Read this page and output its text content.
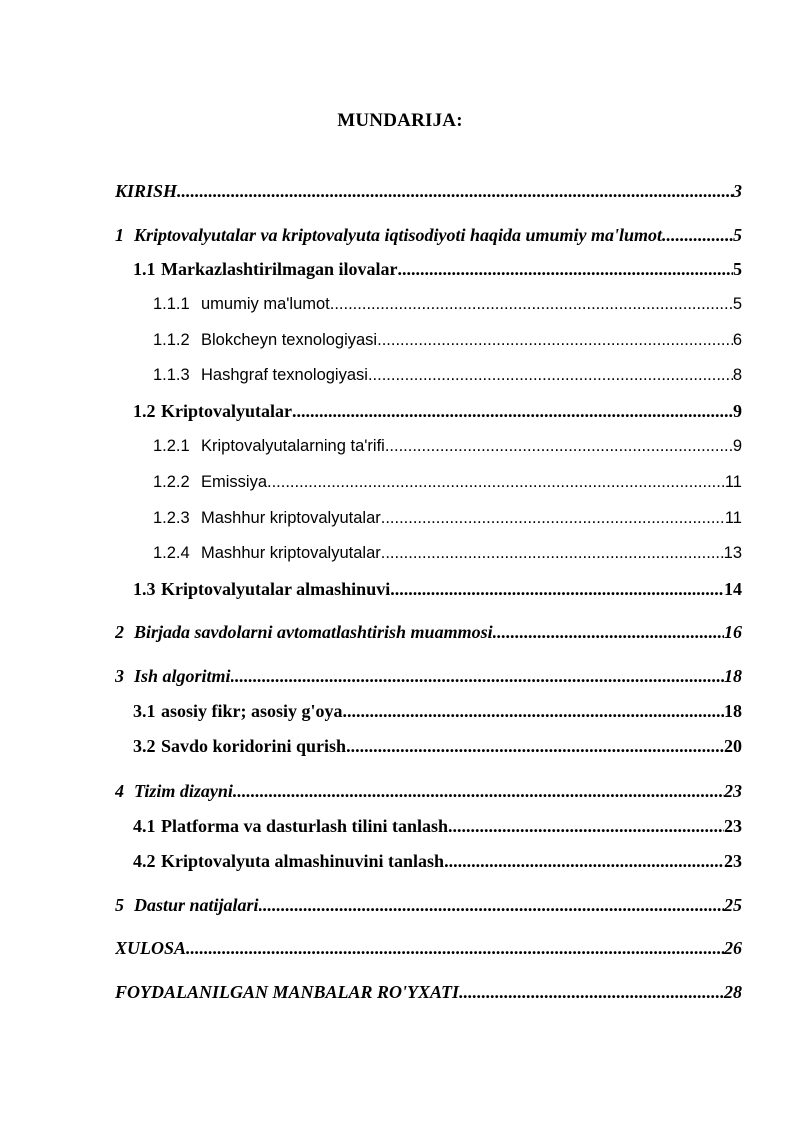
MUNDARIJA:
KIRISH .....	3
1 Kriptovalyutalar va kriptovalyuta iqtisodiyoti haqida umumiy ma'lumot .....	5
1.1 Markazlashtirilmagan ilovalar .....	5
1.1.1 umumiy ma'lumot .....	5
1.1.2 Blokcheyn texnologiyasi .....	6
1.1.3 Hashgraf texnologiyasi .....	8
1.2 Kriptovalyutalar .....	9
1.2.1 Kriptovalyutalarning ta'rifi .....	9
1.2.2 Emissiya .....	11
1.2.3 Mashhur kriptovalyutalar .....	11
1.2.4 Mashhur kriptovalyutalar .....	13
1.3 Kriptovalyutalar almashinuvi .....	14
2 Birjada savdolarni avtomatlashtirish muammosi .....	16
3 Ish algoritmi .....	18
3.1 asosiy fikr; asosiy g'oya .....	18
3.2 Savdo koridorini qurish .....	20
4 Tizim dizayni .....	23
4.1 Platforma va dasturlash tilini tanlash .....	23
4.2 Kriptovalyuta almashinuvini tanlash .....	23
5 Dastur natijalari .....	25
XULOSA .....	26
FOYDALANILGAN MANBALAR RO'YXATI .....	28
